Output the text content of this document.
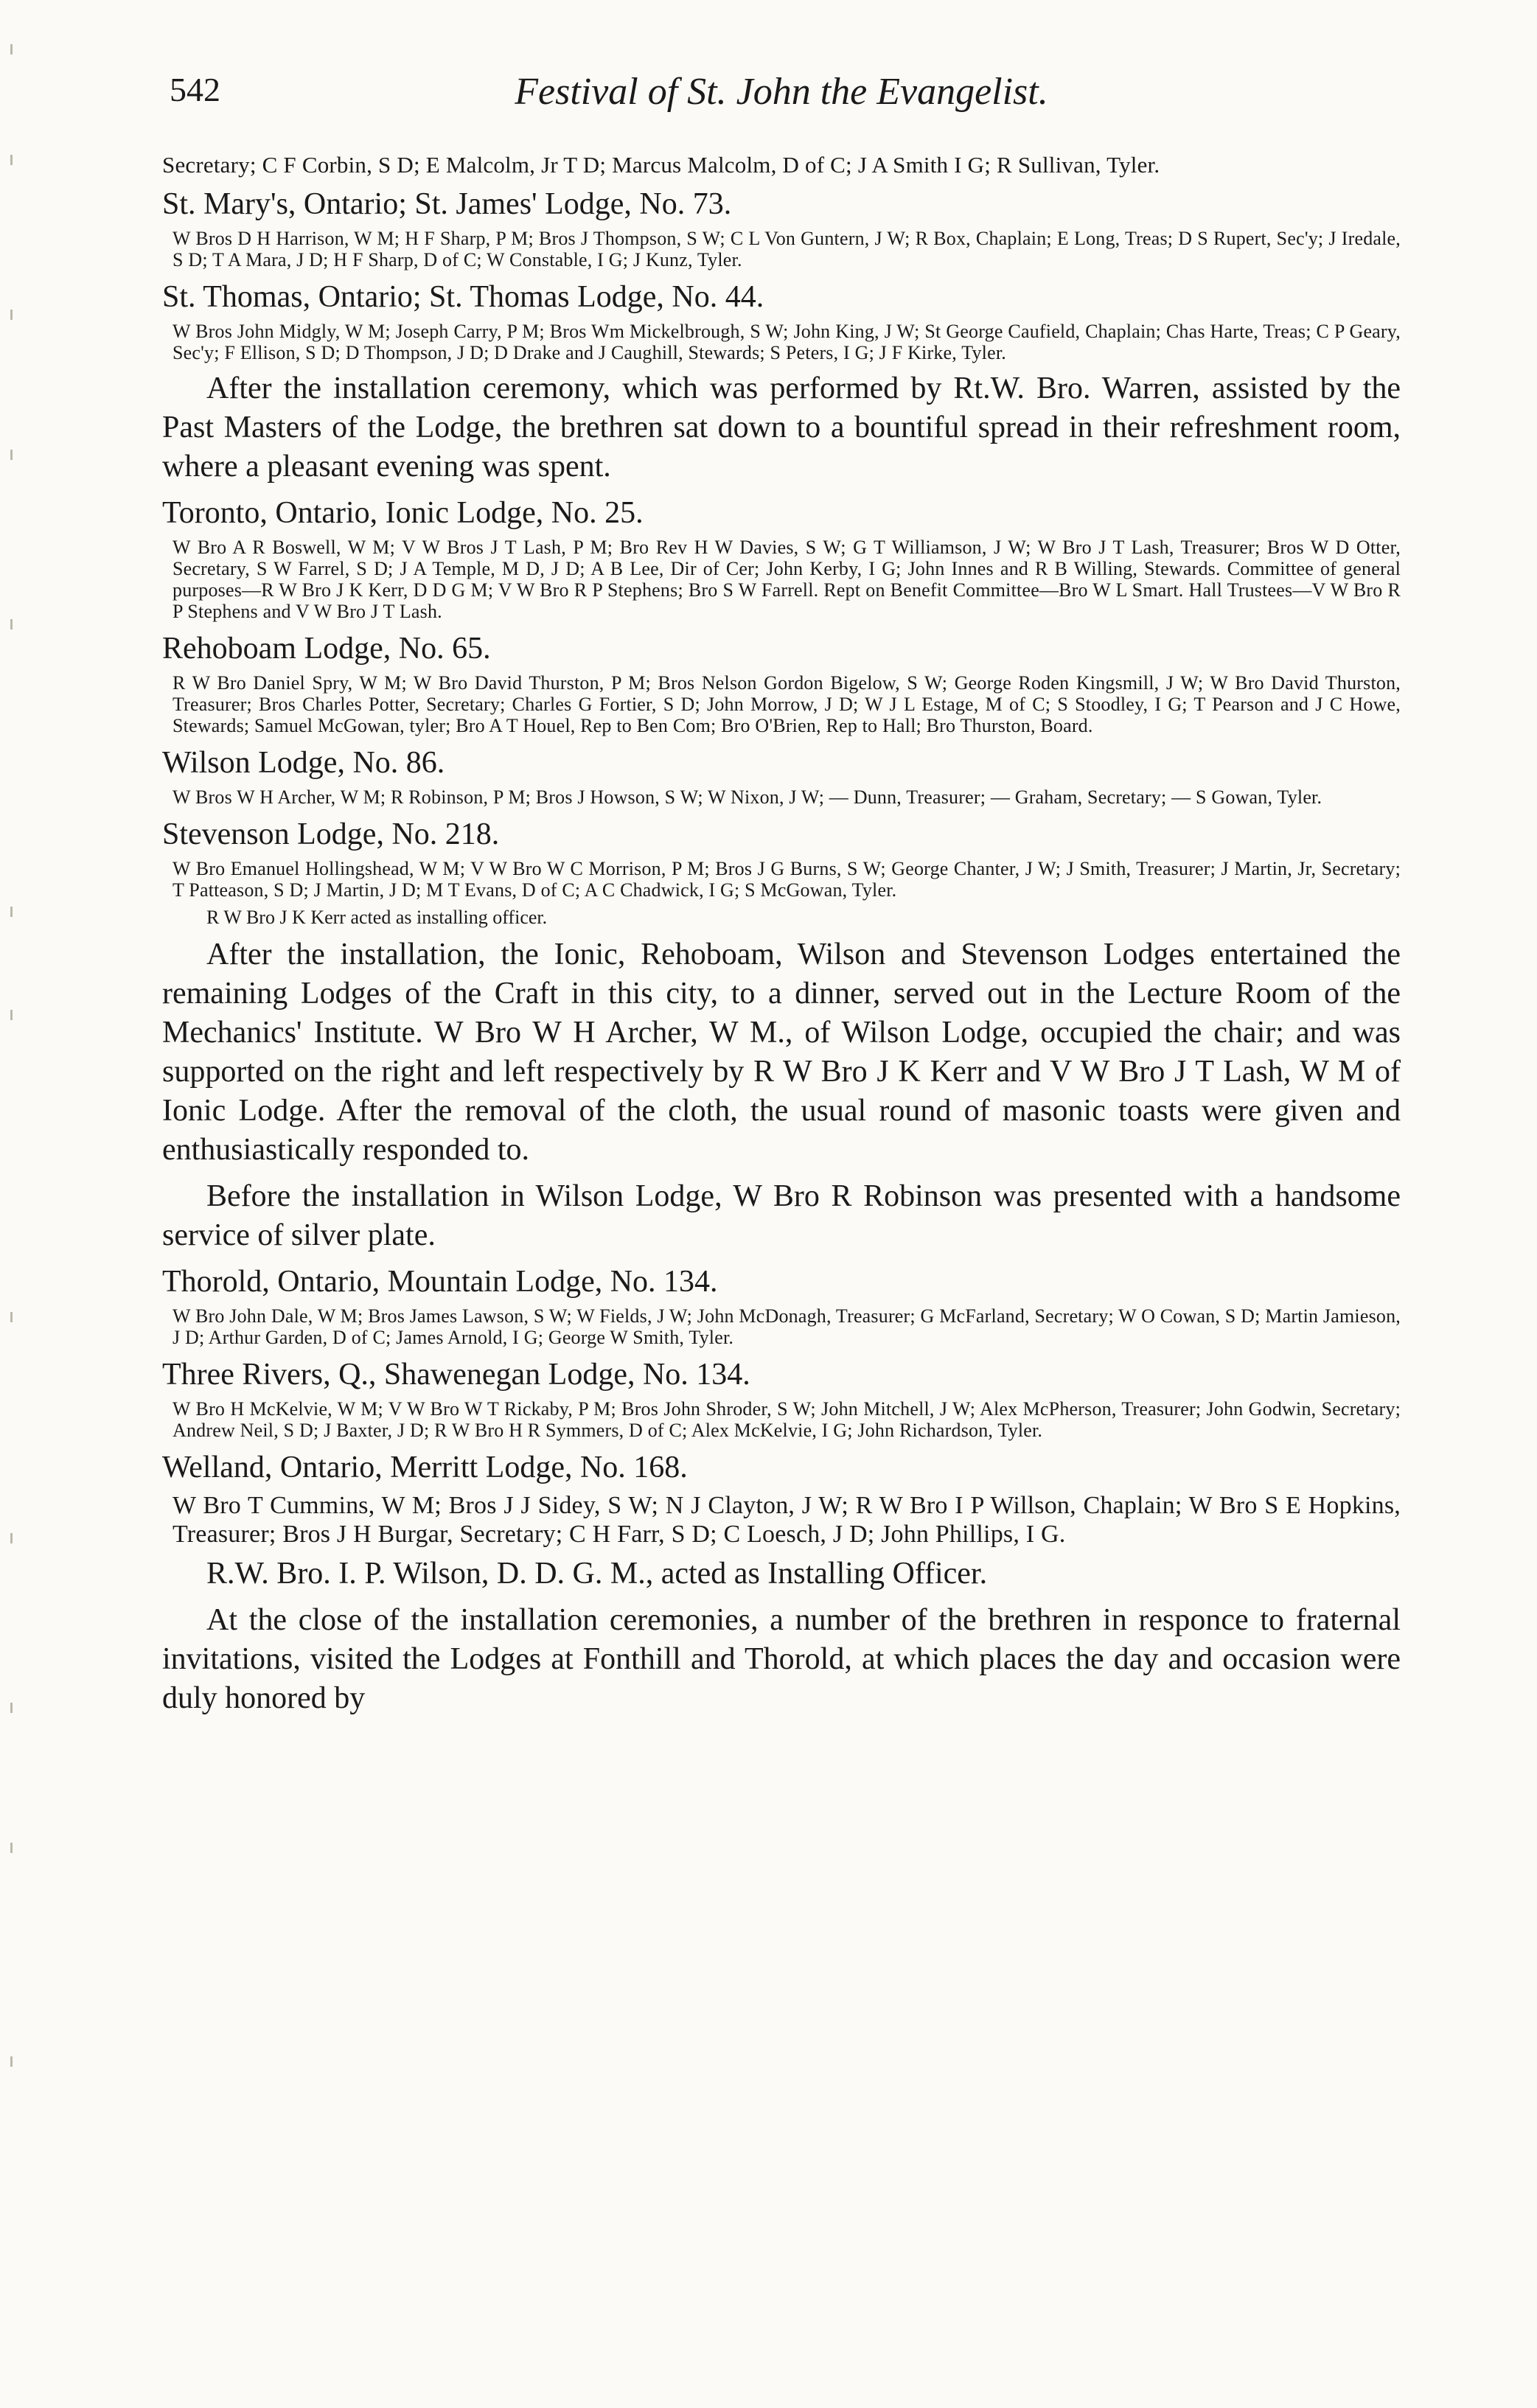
542	Festival of St. John the Evangelist.
Secretary; C F Corbin, S D; E Malcolm, Jr T D; Marcus Malcolm, D of C; J A Smith I G; R Sullivan, Tyler.
St. Mary's, Ontario; St. James' Lodge, No. 73.
W Bros D H Harrison, W M; H F Sharp, P M; Bros J Thompson, S W; C L Von Guntern, J W; R Box, Chaplain; E Long, Treas; D S Rupert, Sec'y; J Iredale, S D; T A Mara, J D; H F Sharp, D of C; W Constable, I G; J Kunz, Tyler.
St. Thomas, Ontario; St. Thomas Lodge, No. 44.
W Bros John Midgly, W M; Joseph Carry, P M; Bros Wm Mickelbrough, S W; John King, J W; St George Caufield, Chaplain; Chas Harte, Treas; C P Geary, Sec'y; F Ellison, S D; D Thompson, J D; D Drake and J Caughill, Stewards; S Peters, I G; J F Kirke, Tyler.
After the installation ceremony, which was performed by Rt.W. Bro. Warren, assisted by the Past Masters of the Lodge, the brethren sat down to a bountiful spread in their refreshment room, where a pleasant evening was spent.
Toronto, Ontario, Ionic Lodge, No. 25.
W Bro A R Boswell, W M; V W Bros J T Lash, P M; Bro Rev H W Davies, S W; G T Williamson, J W; W Bro J T Lash, Treasurer; Bros W D Otter, Secretary, S W Farrel, S D; J A Temple, M D, J D; A B Lee, Dir of Cer; John Kerby, I G; John Innes and R B Willing, Stewards. Committee of general purposes—R W Bro J K Kerr, D D G M; V W Bro R P Stephens; Bro S W Farrell. Rept on Benefit Committee—Bro W L Smart. Hall Trustees—V W Bro R P Stephens and V W Bro J T Lash.
Rehoboam Lodge, No. 65.
R W Bro Daniel Spry, W M; W Bro David Thurston, P M; Bros Nelson Gordon Bigelow, S W; George Roden Kingsmill, J W; W Bro David Thurston, Treasurer; Bros Charles Potter, Secretary; Charles G Fortier, S D; John Morrow, J D; W J L Estage, M of C; S Stoodley, I G; T Pearson and J C Howe, Stewards; Samuel McGowan, tyler; Bro A T Houel, Rep to Ben Com; Bro O'Brien, Rep to Hall; Bro Thurston, Board.
Wilson Lodge, No. 86.
W Bros W H Archer, W M; R Robinson, P M; Bros J Howson, S W; W Nixon, J W; — Dunn, Treasurer; — Graham, Secretary; — S Gowan, Tyler.
Stevenson Lodge, No. 218.
W Bro Emanuel Hollingshead, W M; V W Bro W C Morrison, P M; Bros J G Burns, S W; George Chanter, J W; J Smith, Treasurer; J Martin, Jr, Secretary; T Patteason, S D; J Martin, J D; M T Evans, D of C; A C Chadwick, I G; S McGowan, Tyler.
R W Bro J K Kerr acted as installing officer.
After the installation, the Ionic, Rehoboam, Wilson and Stevenson Lodges entertained the remaining Lodges of the Craft in this city, to a dinner, served out in the Lecture Room of the Mechanics' Institute. W Bro W H Archer, W M., of Wilson Lodge, occupied the chair; and was supported on the right and left respectively by R W Bro J K Kerr and V W Bro J T Lash, W M of Ionic Lodge. After the removal of the cloth, the usual round of masonic toasts were given and enthusiastically responded to.
Before the installation in Wilson Lodge, W Bro R Robinson was presented with a handsome service of silver plate.
Thorold, Ontario, Mountain Lodge, No. 134.
W Bro John Dale, W M; Bros James Lawson, S W; W Fields, J W; John McDonagh, Treasurer; G McFarland, Secretary; W O Cowan, S D; Martin Jamieson, J D; Arthur Garden, D of C; James Arnold, I G; George W Smith, Tyler.
Three Rivers, Q., Shawenegan Lodge, No. 134.
W Bro H McKelvie, W M; V W Bro W T Rickaby, P M; Bros John Shroder, S W; John Mitchell, J W; Alex McPherson, Treasurer; John Godwin, Secretary; Andrew Neil, S D; J Baxter, J D; R W Bro H R Symmers, D of C; Alex McKelvie, I G; John Richardson, Tyler.
Welland, Ontario, Merritt Lodge, No. 168.
W Bro T Cummins, W M; Bros J J Sidey, S W; N J Clayton, J W; R W Bro I P Willson, Chaplain; W Bro S E Hopkins, Treasurer; Bros J H Burgar, Secretary; C H Farr, S D; C Loesch, J D; John Phillips, I G.
R.W. Bro. I. P. Wilson, D. D. G. M., acted as Installing Officer.
At the close of the installation ceremonies, a number of the brethren in responce to fraternal invitations, visited the Lodges at Fonthill and Thorold, at which places the day and occasion were duly honored by
